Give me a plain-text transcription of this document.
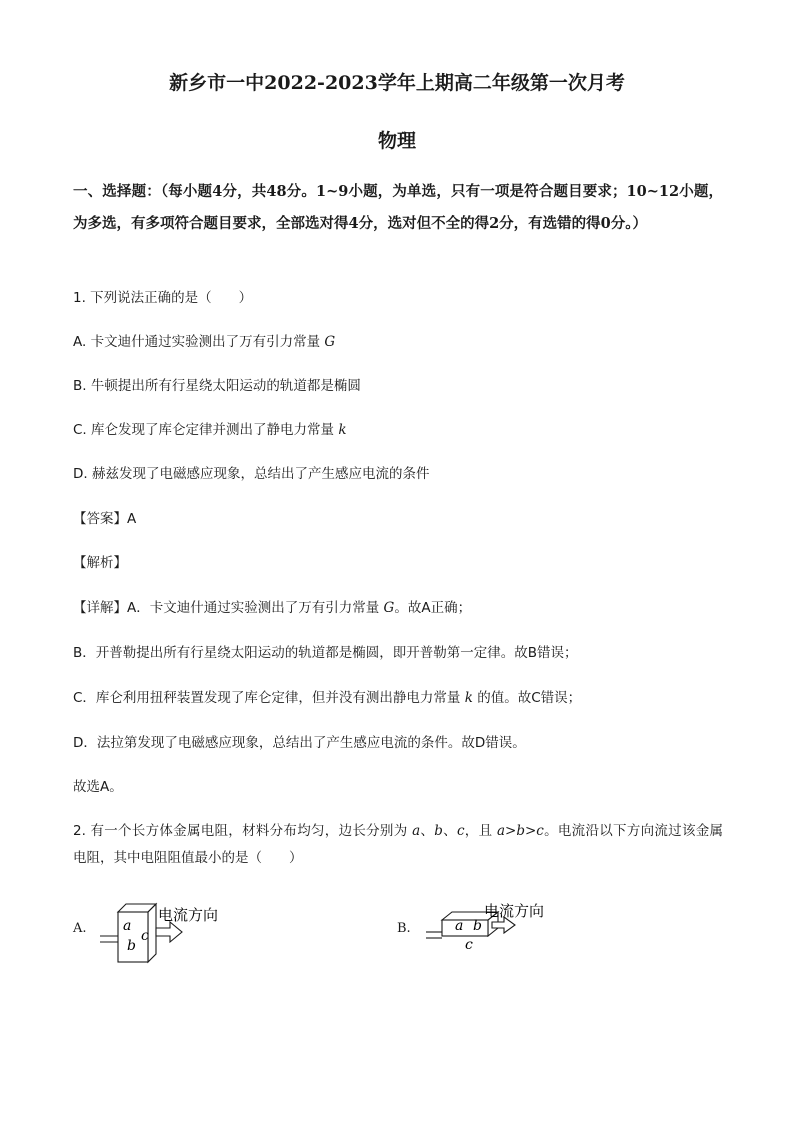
新乡市一中2022-2023学年上期高二年级第一次月考
物理
一、选择题：（每小题4分，共48分。1~9小题，为单选，只有一项是符合题目要求；10~12小题，为多选，有多项符合题目要求，全部选对得4分，选对但不全的得2分，有选错的得0分。）
1. 下列说法正确的是（　　）
A. 卡文迪什通过实验测出了万有引力常量 G
B. 牛顿提出所有行星绕太阳运动的轨道都是椭圆
C. 库仑发现了库仑定律并测出了静电力常量 k
D. 赫兹发现了电磁感应现象，总结出了产生感应电流的条件
【答案】A
【解析】
【详解】A．卡文迪什通过实验测出了万有引力常量 G。故A正确；
B．开普勒提出所有行星绕太阳运动的轨道都是椭圆，即开普勒第一定律。故B错误；
C．库仑利用扭秤装置发现了库仑定律，但并没有测出静电力常量 k 的值。故C错误；
D．法拉第发现了电磁感应现象，总结出了产生感应电流的条件。故D错误。
故选A。
2. 有一个长方体金属电阻，材料分布均匀，边长分别为 a、b、c，且 a>b>c。电流沿以下方向流过该金属电阻，其中电阻阻值最小的是（　　）
A.	a
b
c
电流方向
B.	a b
c
电流方向
